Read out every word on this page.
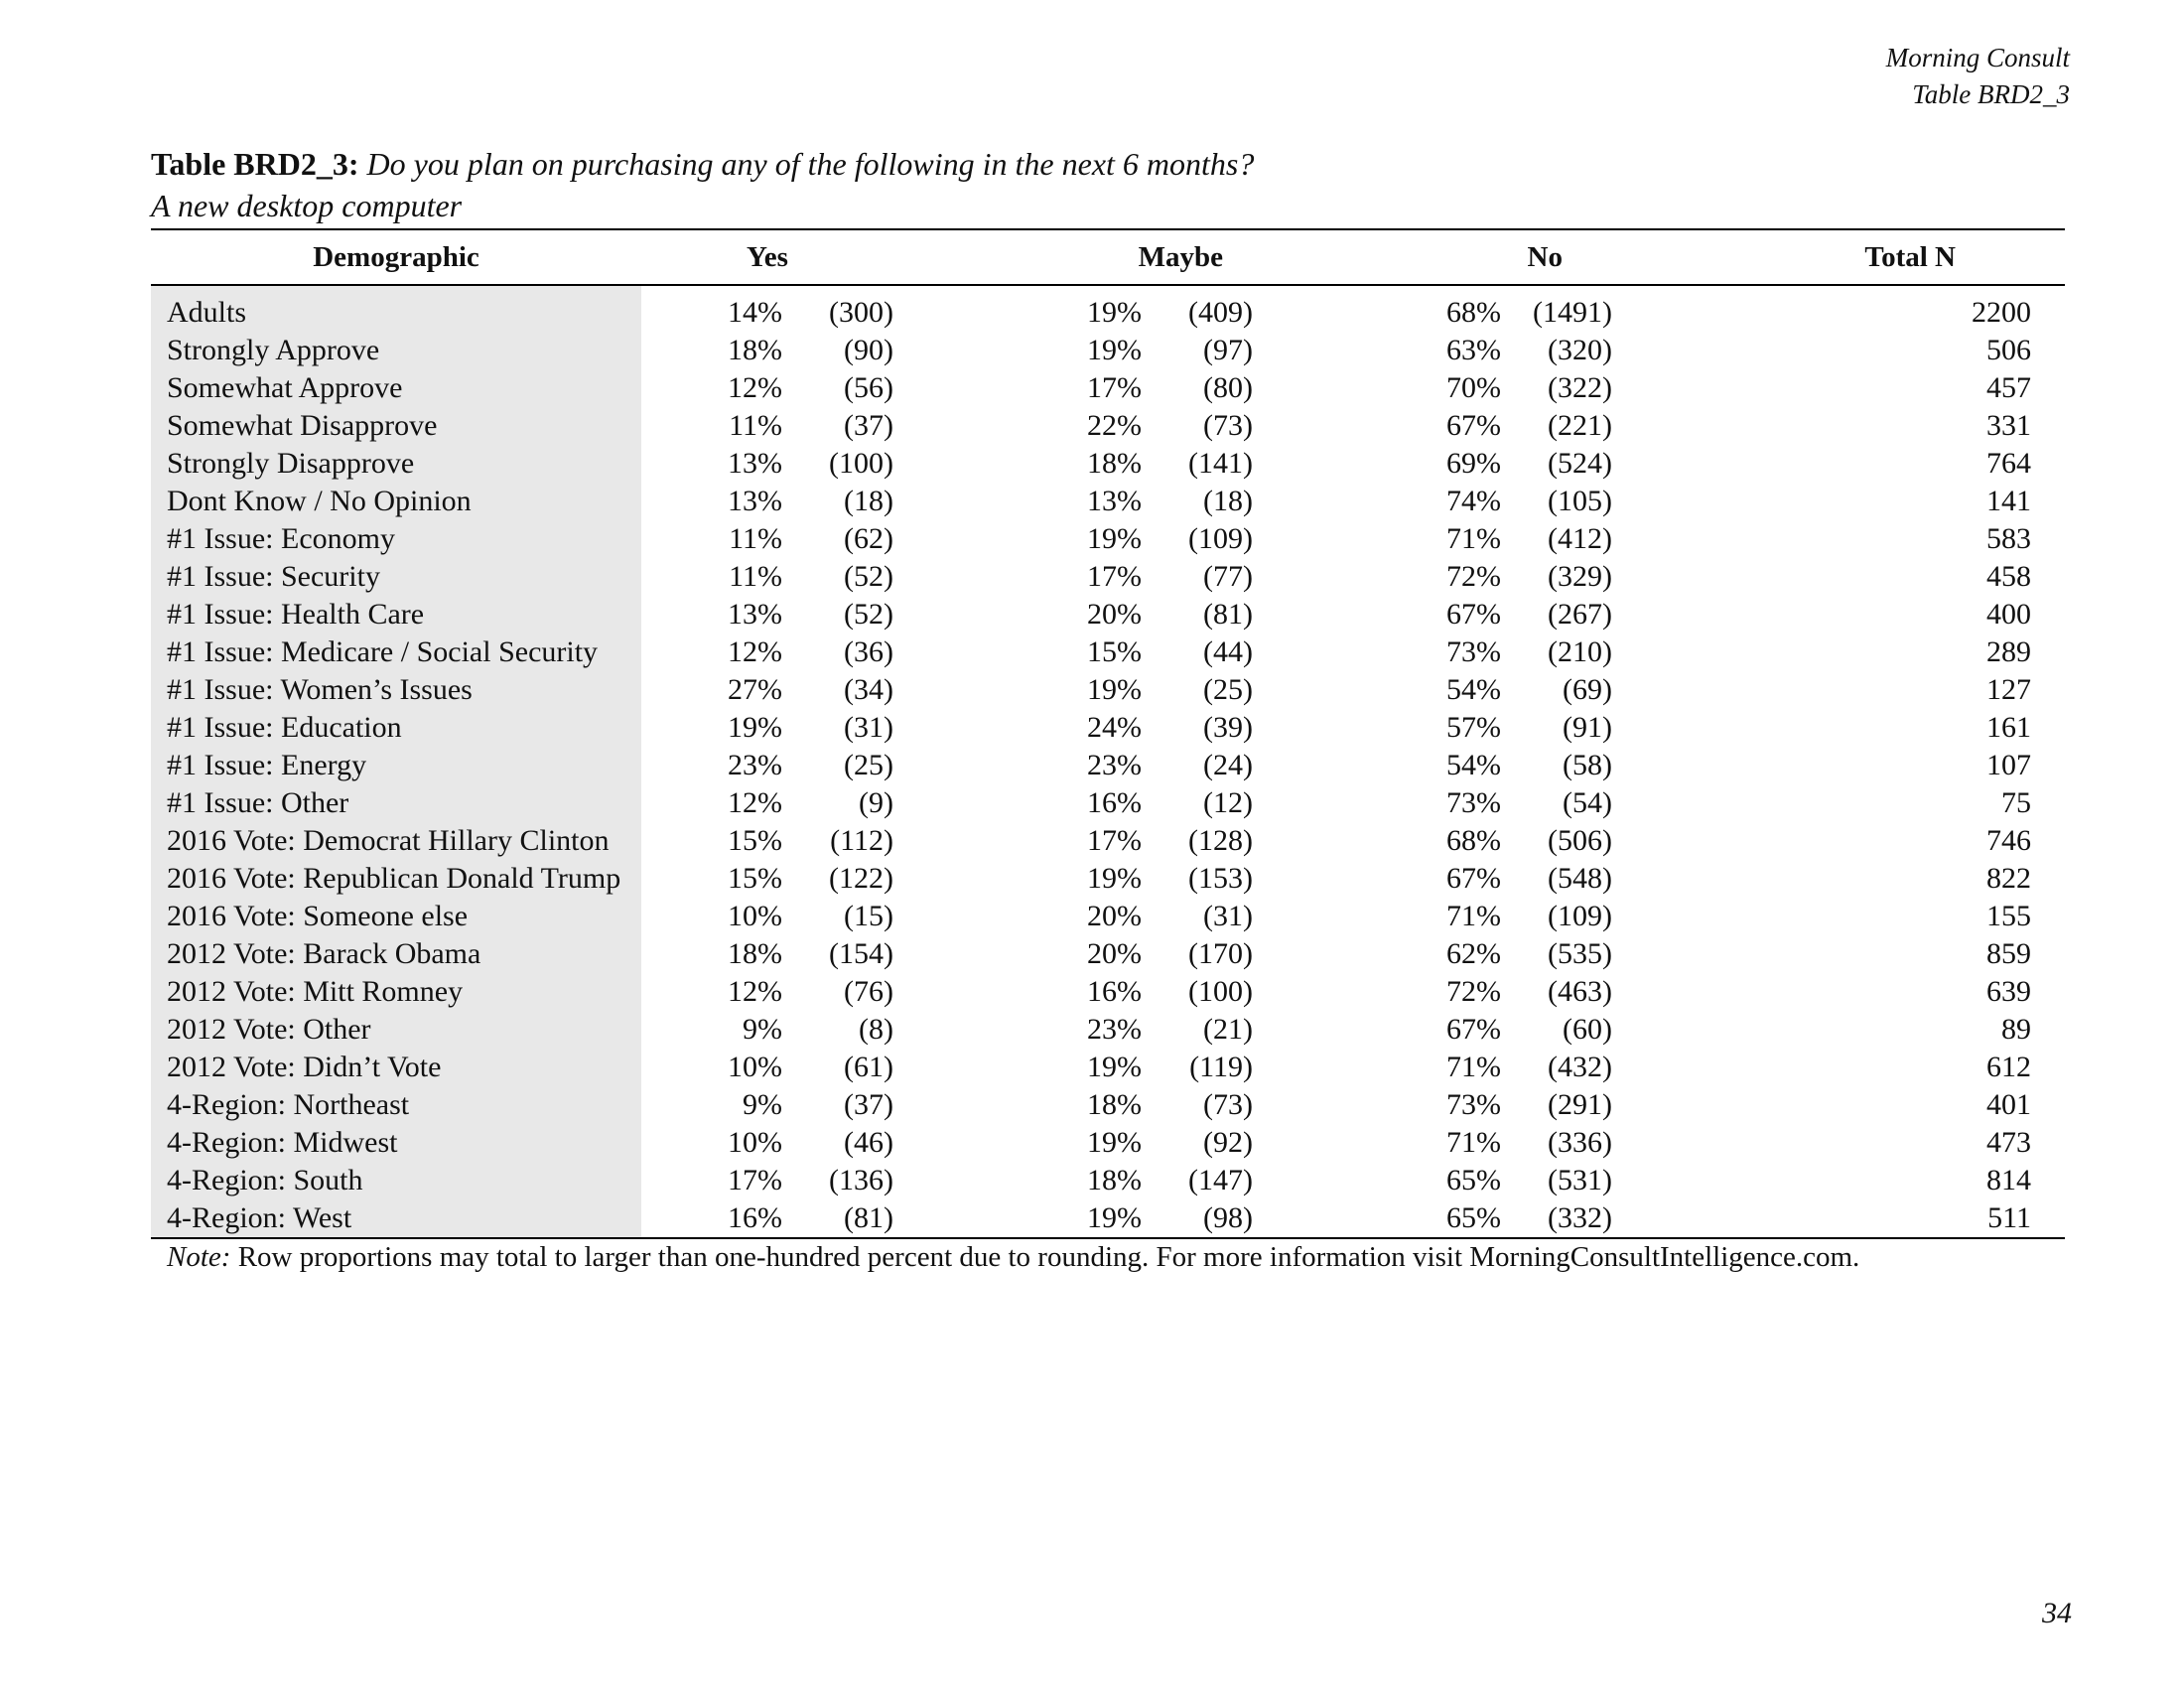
Morning Consult
Table BRD2_3
Table BRD2_3: Do you plan on purchasing any of the following in the next 6 months?
A new desktop computer
Demographic	Yes		Maybe		No		Total N
Adults	14%	(300)	19%	(409)	68%	(1491)	2200
Strongly Approve	18%	(90)	19%	(97)	63%	(320)	506
Somewhat Approve	12%	(56)	17%	(80)	70%	(322)	457
Somewhat Disapprove	11%	(37)	22%	(73)	67%	(221)	331
Strongly Disapprove	13%	(100)	18%	(141)	69%	(524)	764
Dont Know / No Opinion	13%	(18)	13%	(18)	74%	(105)	141
#1 Issue: Economy	11%	(62)	19%	(109)	71%	(412)	583
#1 Issue: Security	11%	(52)	17%	(77)	72%	(329)	458
#1 Issue: Health Care	13%	(52)	20%	(81)	67%	(267)	400
#1 Issue: Medicare / Social Security	12%	(36)	15%	(44)	73%	(210)	289
#1 Issue: Women’s Issues	27%	(34)	19%	(25)	54%	(69)	127
#1 Issue: Education	19%	(31)	24%	(39)	57%	(91)	161
#1 Issue: Energy	23%	(25)	23%	(24)	54%	(58)	107
#1 Issue: Other	12%	(9)	16%	(12)	73%	(54)	75
2016 Vote: Democrat Hillary Clinton	15%	(112)	17%	(128)	68%	(506)	746
2016 Vote: Republican Donald Trump	15%	(122)	19%	(153)	67%	(548)	822
2016 Vote: Someone else	10%	(15)	20%	(31)	71%	(109)	155
2012 Vote: Barack Obama	18%	(154)	20%	(170)	62%	(535)	859
2012 Vote: Mitt Romney	12%	(76)	16%	(100)	72%	(463)	639
2012 Vote: Other	9%	(8)	23%	(21)	67%	(60)	89
2012 Vote: Didn’t Vote	10%	(61)	19%	(119)	71%	(432)	612
4-Region: Northeast	9%	(37)	18%	(73)	73%	(291)	401
4-Region: Midwest	10%	(46)	19%	(92)	71%	(336)	473
4-Region: South	17%	(136)	18%	(147)	65%	(531)	814
4-Region: West	16%	(81)	19%	(98)	65%	(332)	511
Note: Row proportions may total to larger than one-hundred percent due to rounding. For more information visit MorningConsultIntelligence.com.
34
